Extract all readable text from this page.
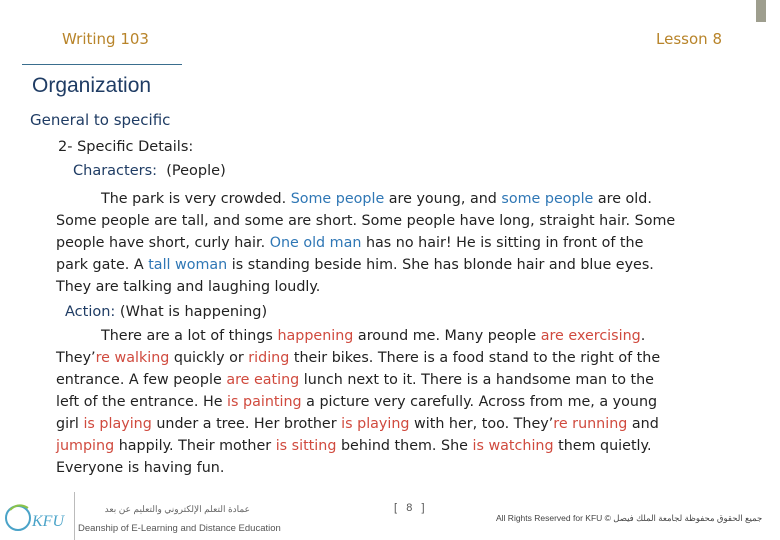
Writing 103	Lesson 8
Organization
General to specific
2- Specific Details:
Characters: (People)
The park is very crowded. Some people are young, and some people are old.
Some people are tall, and some are short. Some people have long, straight hair. Some
people have short, curly hair. One old man has no hair! He is sitting in front of the
park gate. A tall woman is standing beside him. She has blonde hair and blue eyes.
They are talking and laughing loudly.
Action: (What is happening)
There are a lot of things happening around me. Many people are exercising.
They’re walking quickly or riding their bikes. There is a food stand to the right of the
entrance. A few people are eating lunch next to it. There is a handsome man to the
left of the entrance. He is painting a picture very carefully. Across from me, a young
girl is playing under a tree. Her brother is playing with her, too. They’re running and
jumping happily. Their mother is sitting behind them. She is watching them quietly.
Everyone is having fun.
KFU
عمادة التعلم الإلكتروني والتعليم عن بعد
Deanship of E-Learning and Distance Education
[   8   ]
All Rights Reserved for KFU © جميع الحقوق محفوظة لجامعة الملك فيصل
